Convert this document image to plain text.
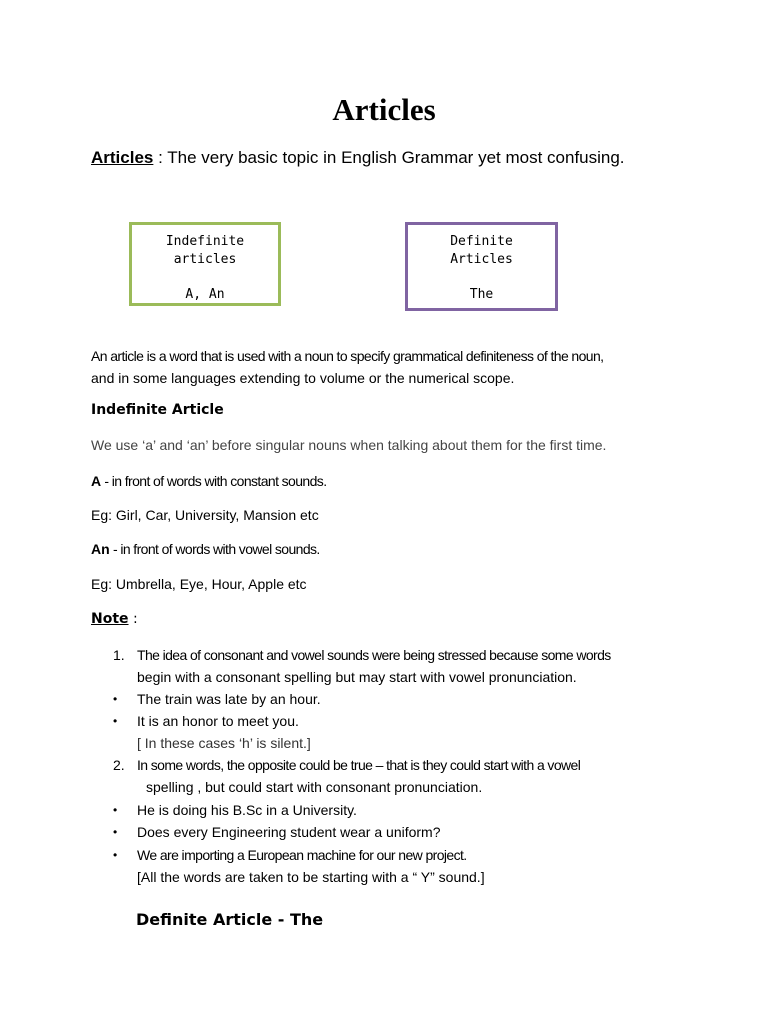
Articles
Articles : The very basic topic in English Grammar yet most confusing.
Indefinite
articles
A, An
Definite
Articles
The
An article is a word that is used with a noun to specify grammatical definiteness of the noun,
and in some languages extending to volume or the numerical scope.
Indefinite Article
We use ‘a’ and ‘an’ before singular nouns when talking about them for the first time.
A - in front of words with constant sounds.
Eg: Girl, Car, University, Mansion etc
An - in front of words with vowel sounds.
Eg: Umbrella, Eye, Hour, Apple etc
Note :
1. The idea of consonant and vowel sounds were being stressed because some words
begin with a consonant spelling but may start with vowel pronunciation.
• The train was late by an hour.
• It is an honor to meet you.
[ In these cases ‘h’ is silent.]
2. In some words, the opposite could be true – that is they could start with a vowel
spelling , but could start with consonant pronunciation.
• He is doing his B.Sc in a University.
• Does every Engineering student wear a uniform?
• We are importing a European machine for our new project.
[All the words are taken to be starting with a “ Y” sound.]
Definite Article - The
